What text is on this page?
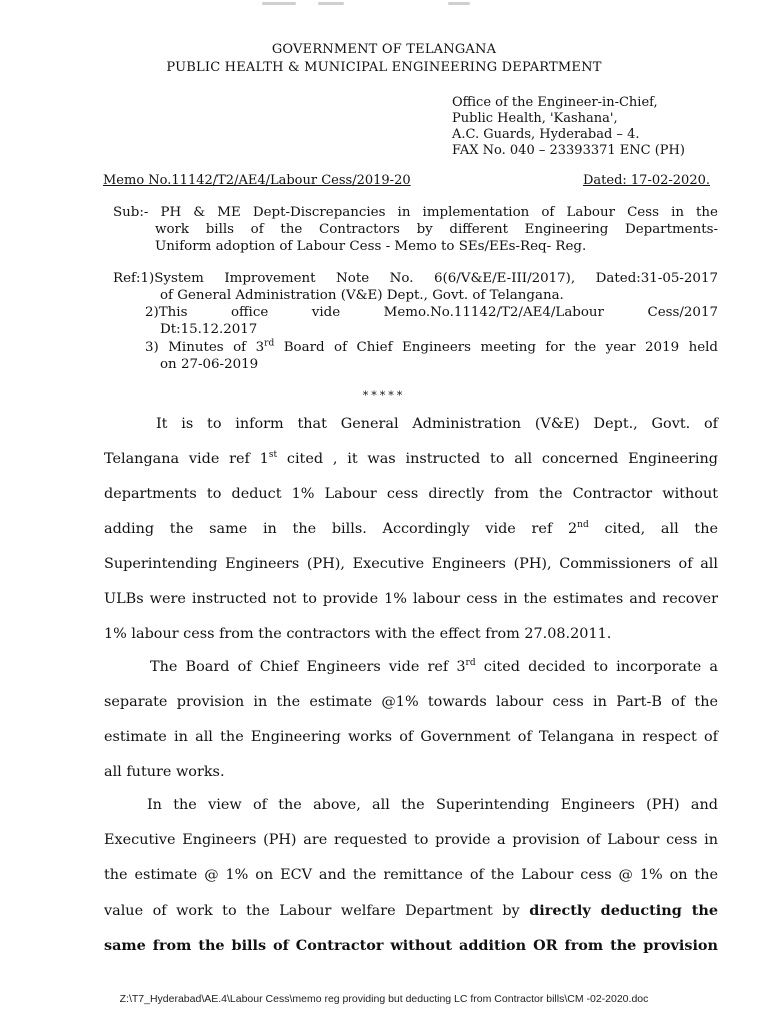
GOVERNMENT OF TELANGANA
PUBLIC HEALTH & MUNICIPAL ENGINEERING DEPARTMENT
Office of the Engineer-in-Chief,
Public Health, 'Kashana',
A.C. Guards, Hyderabad – 4.
FAX No. 040 – 23393371 ENC (PH)
Memo No.11142/T2/AE4/Labour Cess/2019-20	Dated: 17-02-2020.
Sub:- PH & ME Dept-Discrepancies in implementation of Labour Cess in the
work bills of the Contractors by different Engineering Departments-
Uniform adoption of Labour Cess - Memo to SEs/EEs-Req- Reg.
Ref:1)System Improvement Note No. 6(6/V&E/E-III/2017), Dated:31-05-2017
of General Administration (V&E) Dept., Govt. of Telangana.
2)This office vide Memo.No.11142/T2/AE4/Labour Cess/2017
Dt:15.12.2017
3) Minutes of 3rd Board of Chief Engineers meeting for the year 2019 held
on 27-06-2019
*****
It is to inform that General Administration (V&E) Dept., Govt. of
Telangana vide ref 1st cited , it was instructed to all concerned Engineering
departments to deduct 1% Labour cess directly from the Contractor without
adding the same in the bills. Accordingly vide ref 2nd cited, all the
Superintending Engineers (PH), Executive Engineers (PH), Commissioners of all
ULBs were instructed not to provide 1% labour cess in the estimates and recover
1% labour cess from the contractors with the effect from 27.08.2011.
The Board of Chief Engineers vide ref 3rd cited decided to incorporate a
separate provision in the estimate @1% towards labour cess in Part-B of the
estimate in all the Engineering works of Government of Telangana in respect of
all future works.
In the view of the above, all the Superintending Engineers (PH) and
Executive Engineers (PH) are requested to provide a provision of Labour cess in
the estimate @ 1% on ECV and the remittance of the Labour cess @ 1% on the
value of work to the Labour welfare Department by directly deducting the
same from the bills of Contractor without addition OR from the provision
Z:\T7_Hyderabad\AE.4\Labour Cess\memo reg providing but deducting LC from Contractor bills\CM -02-2020.doc
